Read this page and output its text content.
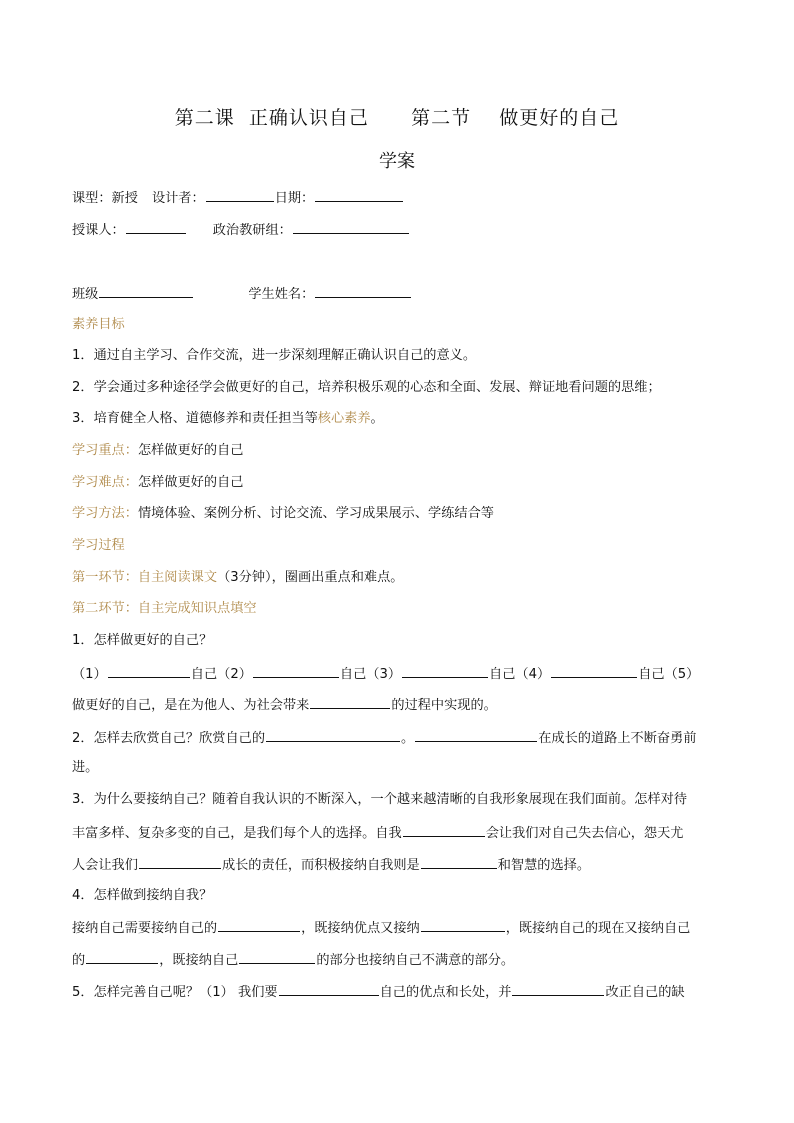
第二课  正确认识自己 第二节    做更好的自己
学案
课型：新授 设计者：	日期：
授课人：	政治教研组：
班级	学生姓名：
素养目标
1．通过自主学习、合作交流，进一步深刻理解正确认识自己的意义。
2．学会通过多种途径学会做更好的自己，培养积极乐观的心态和全面、发展、辩证地看问题的思维；
3．培育健全人格、道德修养和责任担当等核心素养。
学习重点：怎样做更好的自己
学习难点：怎样做更好的自己
学习方法：情境体验、案例分析、讨论交流、学习成果展示、学练结合等
学习过程
第一环节：自主阅读课文（3分钟），圈画出重点和难点。
第二环节：自主完成知识点填空
1．怎样做更好的自己？
（1）	自己（2）	自己（3）	自己（4）	自己（5）
做更好的自己，是在为他人、为社会带来	的过程中实现的。
2．怎样去欣赏自己？欣赏自己的	。	在成长的道路上不断奋勇前
进。
3．为什么要接纳自己？随着自我认识的不断深入，一个越来越清晰的自我形象展现在我们面前。怎样对待
丰富多样、复杂多变的自己，是我们每个人的选择。自我	会让我们对自己失去信心，怨天尤
人会让我们	成长的责任，而积极接纳自我则是	和智慧的选择。
4．怎样做到接纳自我？
接纳自己需要接纳自己的	，既接纳优点又接纳	，既接纳自己的现在又接纳自己
的	，既接纳自己	的部分也接纳自己不满意的部分。
5．怎样完善自己呢？（1） 我们要	自己的优点和长处，并	改正自己的缺
